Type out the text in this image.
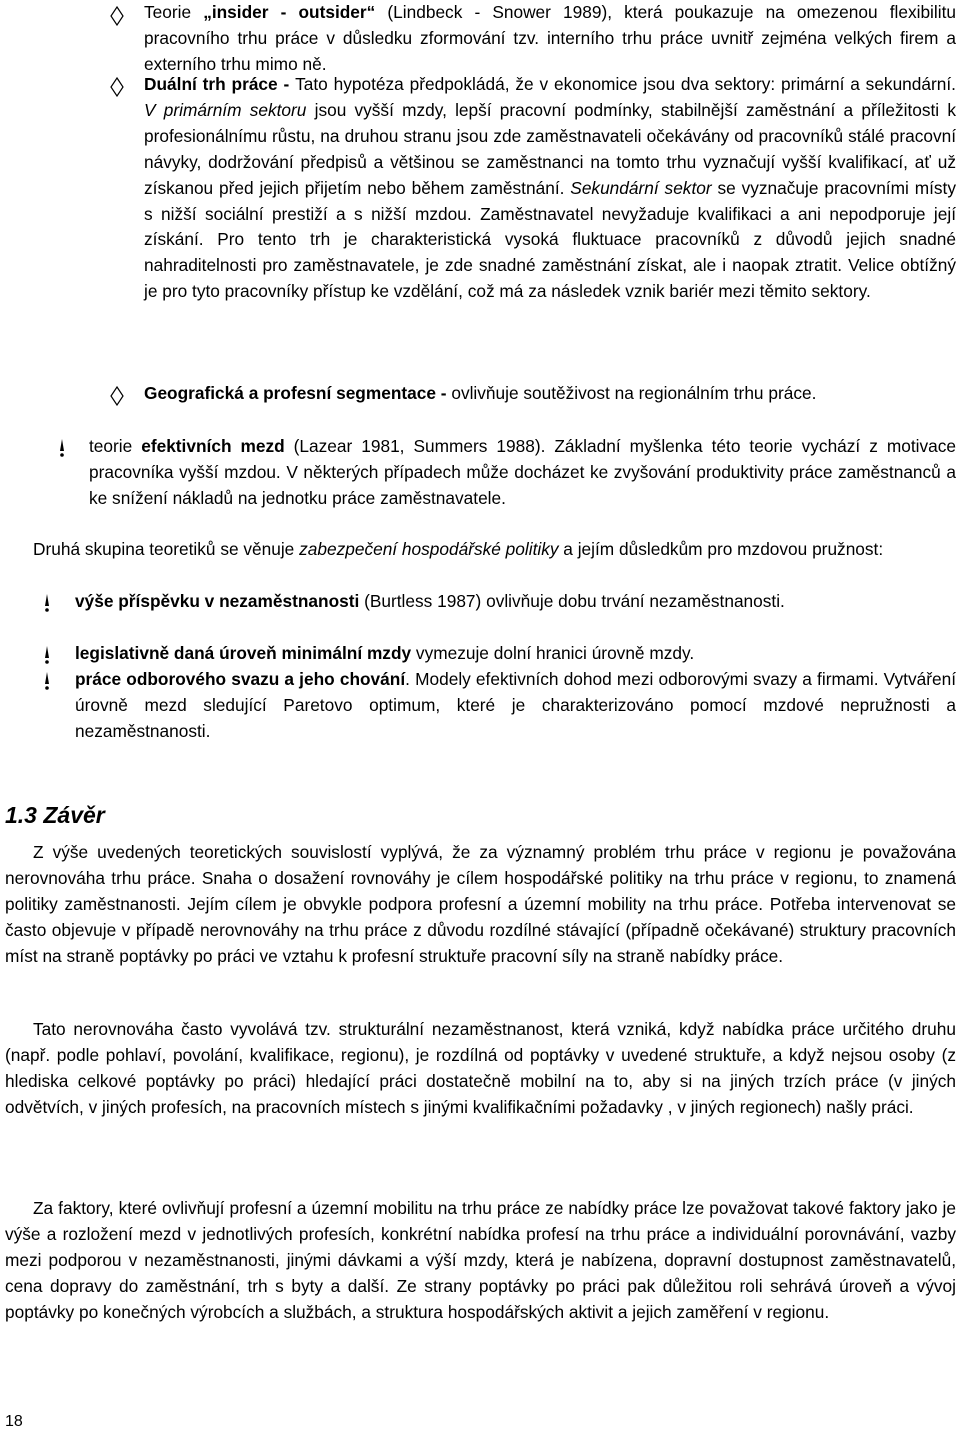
Teorie „insider - outsider“ (Lindbeck - Snower 1989), která poukazuje na omezenou flexibilitu pracovního trhu práce v důsledku zformování tzv. interního trhu práce uvnitř zejména velkých firem a externího trhu mimo ně.

Duální trh práce - Tato hypotéza předpokládá, že v ekonomice jsou dva sektory: primární a sekundární. V primárním sektoru jsou vyšší mzdy, lepší pracovní podmínky, stabilnější zaměstnání a příležitosti k profesionálnímu růstu, na druhou stranu jsou zde zaměstnavateli očekávány od pracovníků stálé pracovní návyky, dodržování předpisů a většinou se zaměstnanci na tomto trhu vyznačují vyšší kvalifikací, ať už získanou před jejich přijetím nebo během zaměstnání. Sekundární sektor se vyznačuje pracovními místy s nižší sociální prestiží a s nižší mzdou. Zaměstnavatel nevyžaduje kvalifikaci a ani nepodporuje její získání. Pro tento trh je charakteristická vysoká fluktuace pracovníků z důvodů jejich snadné nahraditelnosti pro zaměstnavatele, je zde snadné zaměstnání získat, ale i naopak ztratit. Velice obtížný je pro tyto pracovníky přístup ke vzdělání, což má za následek vznik bariér mezi těmito sektory.

Geografická a profesní segmentace - ovlivňuje soutěživost na regionálním trhu práce.

teorie efektivních mezd (Lazear 1981, Summers 1988). Základní myšlenka této teorie vychází z motivace pracovníka vyšší mzdou. V některých případech může docházet ke zvyšování produktivity práce zaměstnanců a ke snížení nákladů na jednotku práce zaměstnavatele.

Druhá skupina teoretiků se věnuje zabezpečení hospodářské politiky a jejím důsledkům pro mzdovou pružnost:

výše příspěvku v nezaměstnanosti (Burtless 1987) ovlivňuje dobu trvání nezaměstnanosti.

legislativně daná úroveň minimální mzdy vymezuje dolní hranici úrovně mzdy.

práce odborového svazu a jeho chování. Modely efektivních dohod mezi odborovými svazy a firmami. Vytváření úrovně mezd sledující Paretovo optimum, které je charakterizováno pomocí mzdové nepružnosti a nezaměstnanosti.

1.3 Závěr

Z výše uvedených teoretických souvislostí vyplývá, že za významný problém trhu práce v regionu je považována nerovnováha trhu práce. Snaha o dosažení rovnováhy je cílem hospodářské politiky na trhu práce v regionu, to znamená politiky zaměstnanosti. Jejím cílem je obvykle podpora profesní a územní mobility na trhu práce. Potřeba intervenovat se často objevuje v případě nerovnováhy na trhu práce z důvodu rozdílné stávající (případně očekávané) struktury pracovních míst na straně poptávky po práci ve vztahu k profesní struktuře pracovní síly na straně nabídky práce.

Tato nerovnováha často vyvolává tzv. strukturální nezaměstnanost, která vzniká, když nabídka práce určitého druhu (např. podle pohlaví, povolání, kvalifikace, regionu), je rozdílná od poptávky v uvedené struktuře, a když nejsou osoby (z hlediska celkové poptávky po práci) hledající práci dostatečně mobilní na to, aby si na jiných trzích práce (v jiných odvětvích, v jiných profesích, na pracovních místech s jinými kvalifikačními požadavky , v jiných regionech) našly práci.

Za faktory, které ovlivňují profesní a územní mobilitu na trhu práce ze nabídky práce lze považovat takové faktory jako je výše a rozložení mezd v jednotlivých profesích, konkrétní nabídka profesí na trhu práce a individuální porovnávání, vazby mezi podporou v nezaměstnanosti, jinými dávkami a výší mzdy, která je nabízena, dopravní dostupnost zaměstnavatelů, cena dopravy do zaměstnání, trh s byty a další. Ze strany poptávky po práci pak důležitou roli sehrává úroveň a vývoj poptávky po konečných výrobcích a službách, a struktura hospodářských aktivit a jejich zaměření v regionu.

18
